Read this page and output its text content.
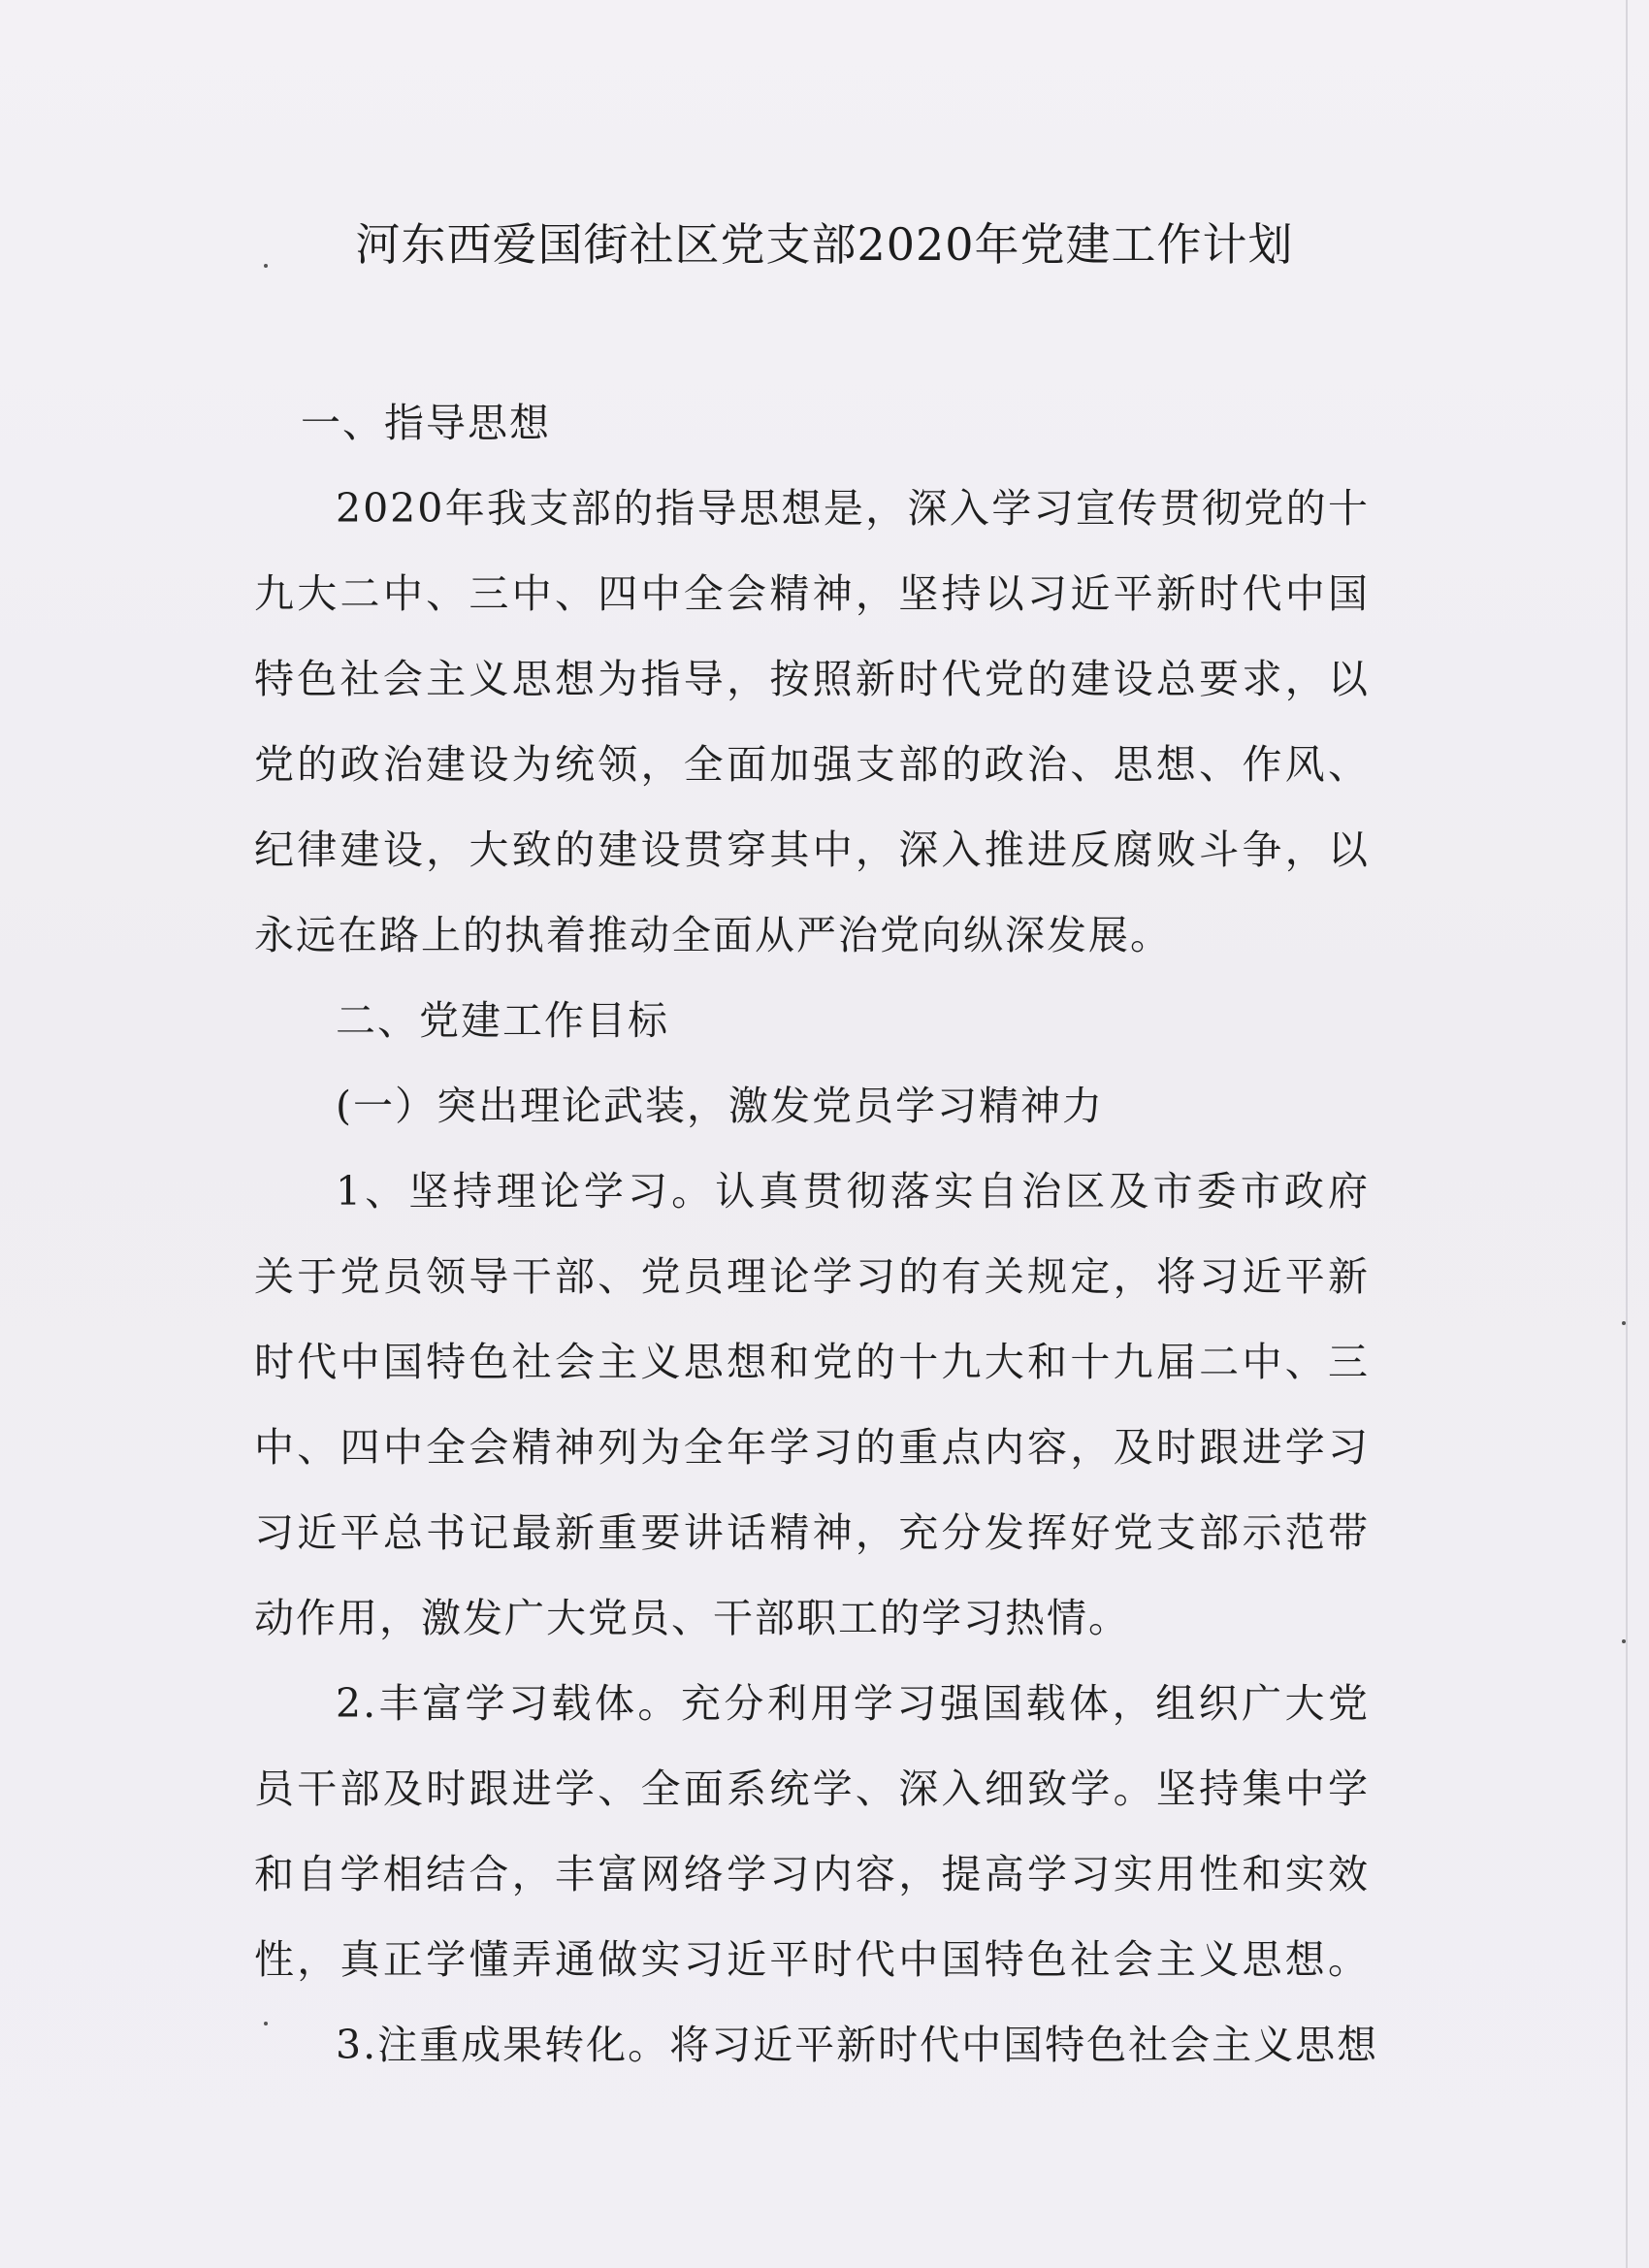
河东西爱国街社区党支部2020年党建工作计划
一、指导思想
2020年我支部的指导思想是，深入学习宣传贯彻党的十
九大二中、三中、四中全会精神，坚持以习近平新时代中国
特色社会主义思想为指导，按照新时代党的建设总要求，以
党的政治建设为统领，全面加强支部的政治、思想、作风、
纪律建设，大致的建设贯穿其中，深入推进反腐败斗争，以
永远在路上的执着推动全面从严治党向纵深发展。
二、党建工作目标
(一）突出理论武装，激发党员学习精神力
1、坚持理论学习。认真贯彻落实自治区及市委市政府
关于党员领导干部、党员理论学习的有关规定，将习近平新
时代中国特色社会主义思想和党的十九大和十九届二中、三
中、四中全会精神列为全年学习的重点内容，及时跟进学习
习近平总书记最新重要讲话精神，充分发挥好党支部示范带
动作用，激发广大党员、干部职工的学习热情。
2.丰富学习载体。充分利用学习强国载体，组织广大党
员干部及时跟进学、全面系统学、深入细致学。坚持集中学
和自学相结合，丰富网络学习内容，提高学习实用性和实效
性，真正学懂弄通做实习近平时代中国特色社会主义思想。
3.注重成果转化。将习近平新时代中国特色社会主义思想
